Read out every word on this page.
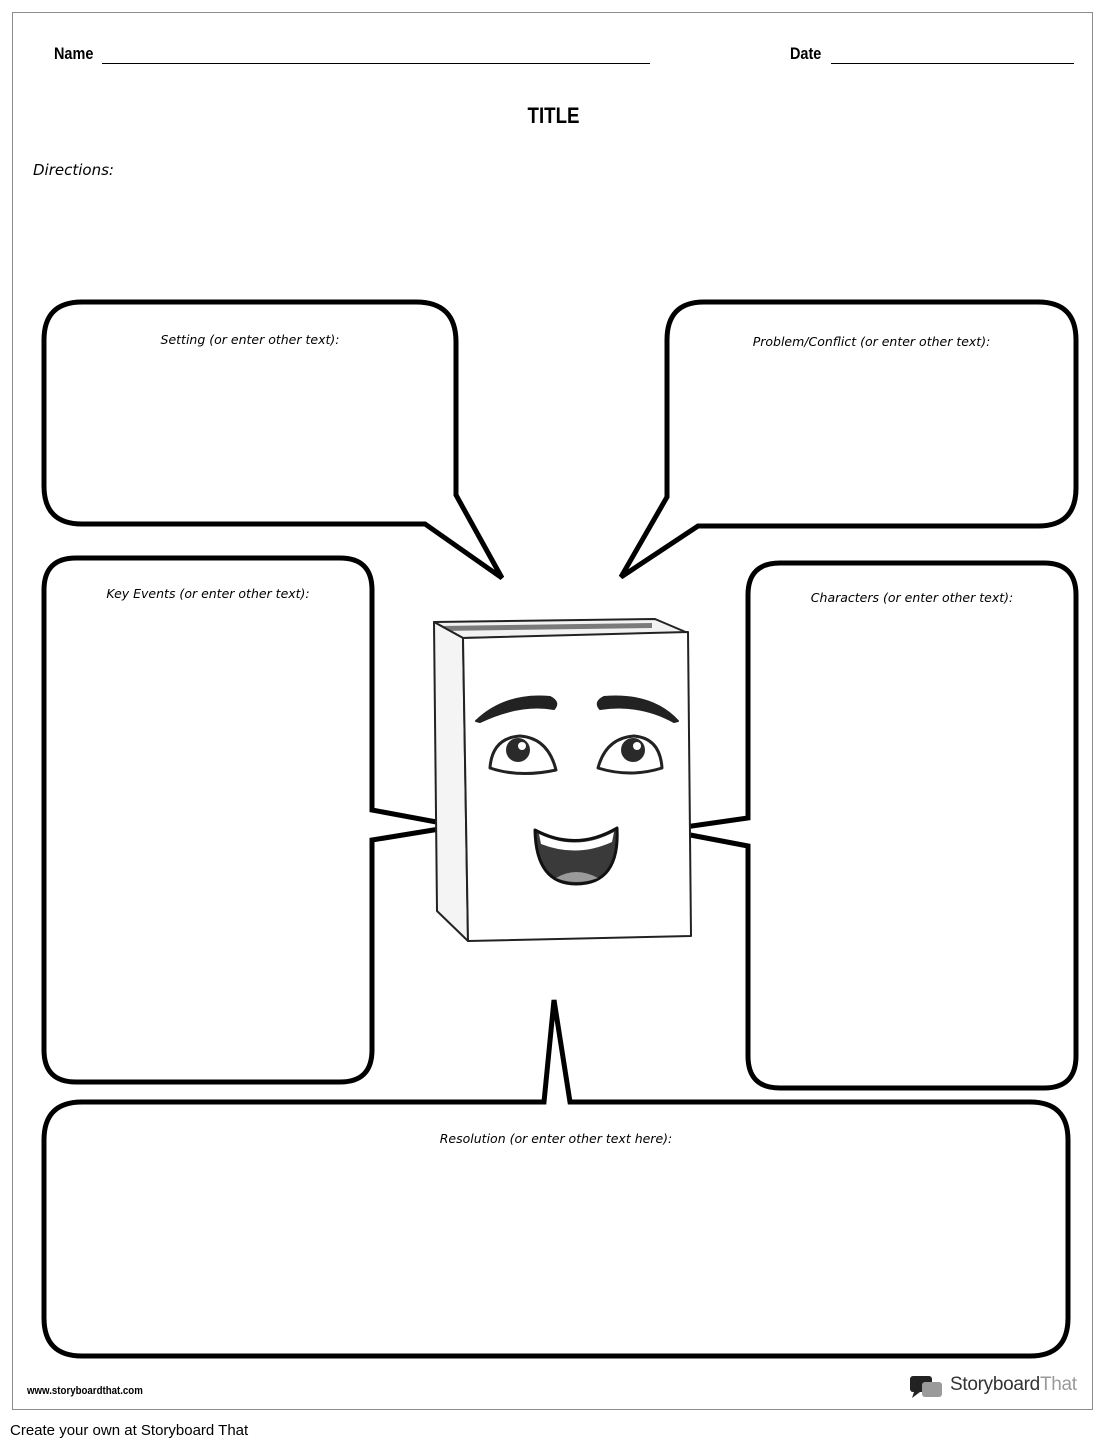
Name	Date
TITLE
Directions:
Setting (or enter other text):	Problem/Conflict (or enter other text):
Key Events (or enter other text):	Characters (or enter other text):
Resolution (or enter other text here):
www.storyboardthat.com	StoryboardThat
Create your own at Storyboard That
